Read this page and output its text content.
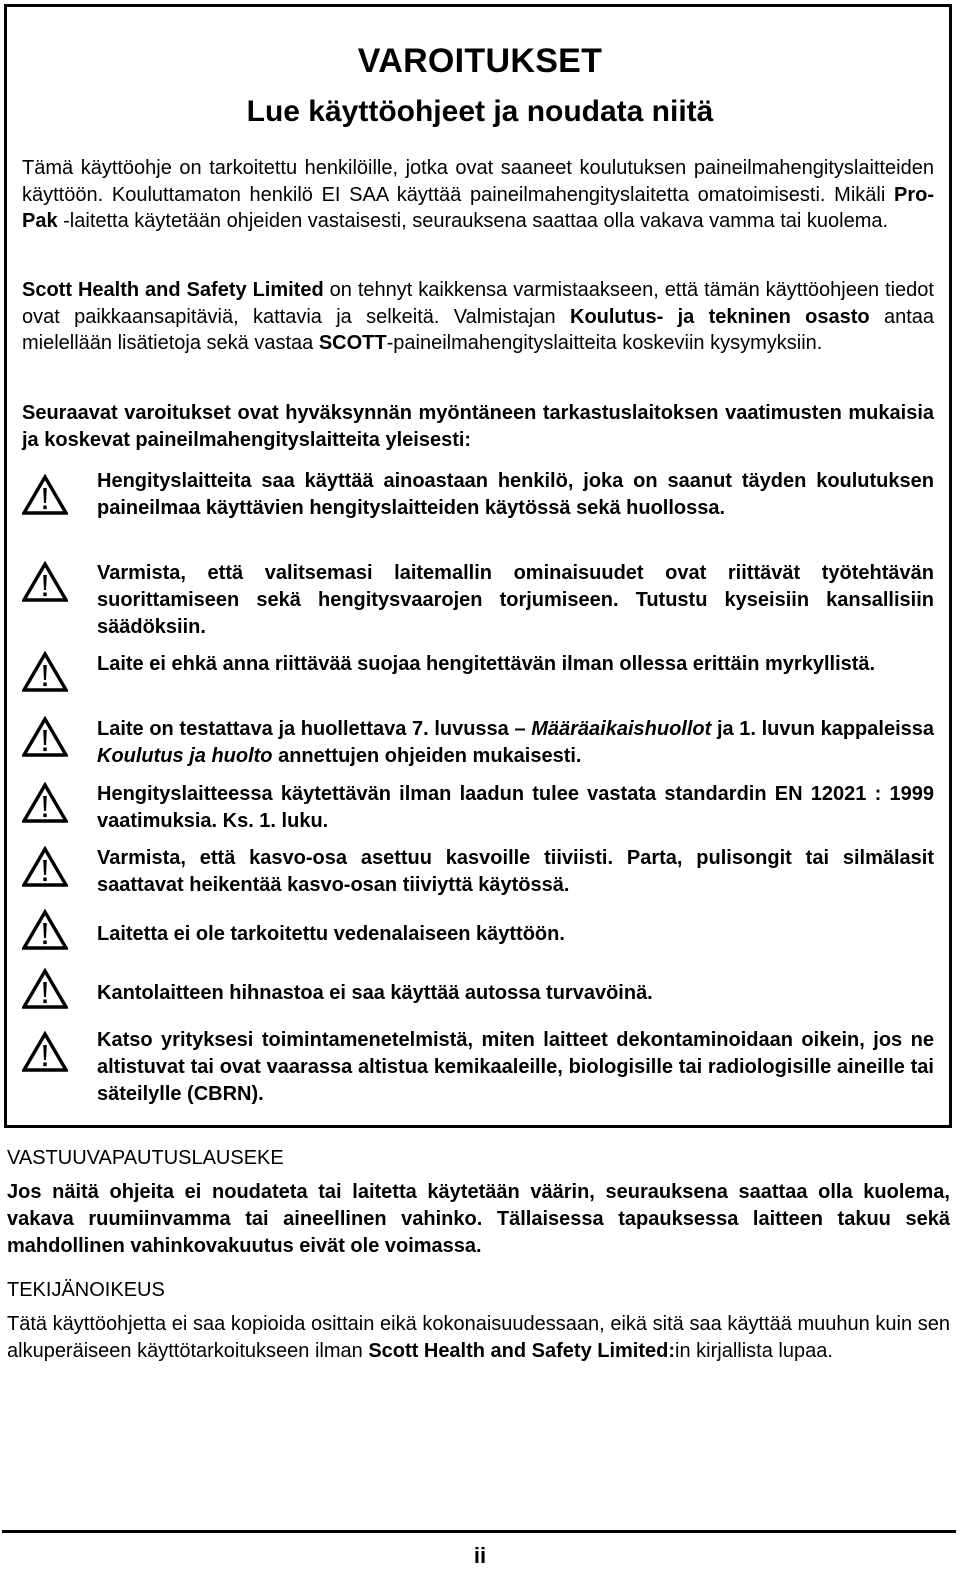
VAROITUKSET
Lue käyttöohjeet ja noudata niitä

Tämä käyttöohje on tarkoitettu henkilöille, jotka ovat saaneet koulutuksen paineilmahengityslaitteiden käyttöön. Kouluttamaton henkilö EI SAA käyttää paineilmahengityslaitetta omatoimisesti. Mikäli Pro-Pak -laitetta käytetään ohjeiden vastaisesti, seurauksena saattaa olla vakava vamma tai kuolema.

Scott Health and Safety Limited on tehnyt kaikkensa varmistaakseen, että tämän käyttöohjeen tiedot ovat paikkaansapitäviä, kattavia ja selkeitä. Valmistajan Koulutus- ja tekninen osasto antaa mielellään lisätietoja sekä vastaa SCOTT-paineilmahengityslaitteita koskeviin kysymyksiin.

Seuraavat varoitukset ovat hyväksynnän myöntäneen tarkastuslaitoksen vaatimusten mukaisia ja koskevat paineilmahengityslaitteita yleisesti:

Hengityslaitteita saa käyttää ainoastaan henkilö, joka on saanut täyden koulutuksen paineilmaa käyttävien hengityslaitteiden käytössä sekä huollossa.

Varmista, että valitsemasi laitemallin ominaisuudet ovat riittävät työtehtävän suorittamiseen sekä hengitysvaarojen torjumiseen. Tutustu kyseisiin kansallisiin säädöksiin.

Laite ei ehkä anna riittävää suojaa hengitettävän ilman ollessa erittäin myrkyllistä.

Laite on testattava ja huollettava 7. luvussa – Määräaikaishuollot ja 1. luvun kappaleissa Koulutus ja huolto annettujen ohjeiden mukaisesti.

Hengityslaitteessa käytettävän ilman laadun tulee vastata standardin EN 12021 : 1999 vaatimuksia. Ks. 1. luku.

Varmista, että kasvo-osa asettuu kasvoille tiiviisti. Parta, pulisongit tai silmälasit saattavat heikentää kasvo-osan tiiviyttä käytössä.

Laitetta ei ole tarkoitettu vedenalaiseen käyttöön.

Kantolaitteen hihnastoa ei saa käyttää autossa turvavöinä.

Katso yrityksesi toimintamenetelmistä, miten laitteet dekontaminoidaan oikein, jos ne altistuvat tai ovat vaarassa altistua kemikaaleille, biologisille tai radiologisille aineille tai säteilylle (CBRN).

VASTUUVAPAUTUSLAUSEKE

Jos näitä ohjeita ei noudateta tai laitetta käytetään väärin, seurauksena saattaa olla kuolema, vakava ruumiinvamma tai aineellinen vahinko. Tällaisessa tapauksessa laitteen takuu sekä mahdollinen vahinkovakuutus eivät ole voimassa.

TEKIJÄNOIKEUS

Tätä käyttöohjetta ei saa kopioida osittain eikä kokonaisuudessaan, eikä sitä saa käyttää muuhun kuin sen alkuperäiseen käyttötarkoitukseen ilman Scott Health and Safety Limited:in kirjallista lupaa.

ii
